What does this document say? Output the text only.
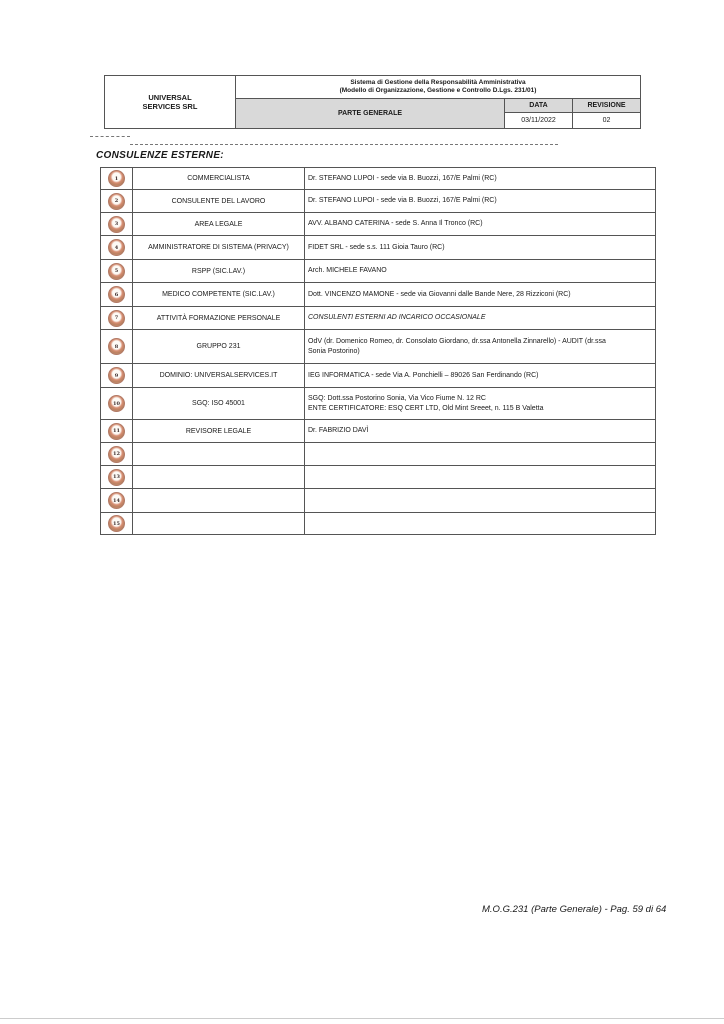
UNIVERSAL
SERVICES SRL
Sistema di Gestione della Responsabilità Amministrativa
(Modello di Organizzazione, Gestione e Controllo D.Lgs. 231/01)
PARTE GENERALE
DATA
03/11/2022
REVISIONE
02
CONSULENZE ESTERNE:
1	COMMERCIALISTA	Dr. STEFANO LUPOI - sede via B. Buozzi, 167/E Palmi (RC)

2	CONSULENTE DEL LAVORO	Dr. STEFANO LUPOI - sede via B. Buozzi, 167/E Palmi (RC)

3	AREA LEGALE	AVV. ALBANO CATERINA - sede S. Anna Il Tronco (RC)

4	AMMINISTRATORE DI SISTEMA (PRIVACY)	FIDET SRL - sede s.s. 111 Gioia Tauro (RC)

5	RSPP (SIC.LAV.)	Arch. MICHELE FAVANO

6	MEDICO COMPETENTE (SIC.LAV.)	Dott. VINCENZO MAMONE - sede via Giovanni dalle Bande Nere, 28 Rizziconi (RC)

7	ATTIVITÀ FORMAZIONE PERSONALE	CONSULENTI ESTERNI AD INCARICO OCCASIONALE

8	GRUPPO 231	OdV (dr. Domenico Romeo, dr. Consolato Giordano, dr.ssa Antonella Zinnarello) - AUDIT (dr.ssa
Sonia Postorino)

9	DOMINIO: UNIVERSALSERVICES.IT	IEG INFORMATICA - sede Via A. Ponchielli – 89026 San Ferdinando (RC)

10	SGQ: ISO 45001	SGQ: Dott.ssa Postorino Sonia, Via Vico Fiume N. 12 RC
ENTE CERTIFICATORE: ESQ CERT LTD, Old Mint Sreeet, n. 115 B Valetta

11	REVISORE LEGALE	Dr. FABRIZIO DAVÌ

12		

13		

14		

15		

M.O.G.231 (Parte Generale) - Pag. 59 di 64
